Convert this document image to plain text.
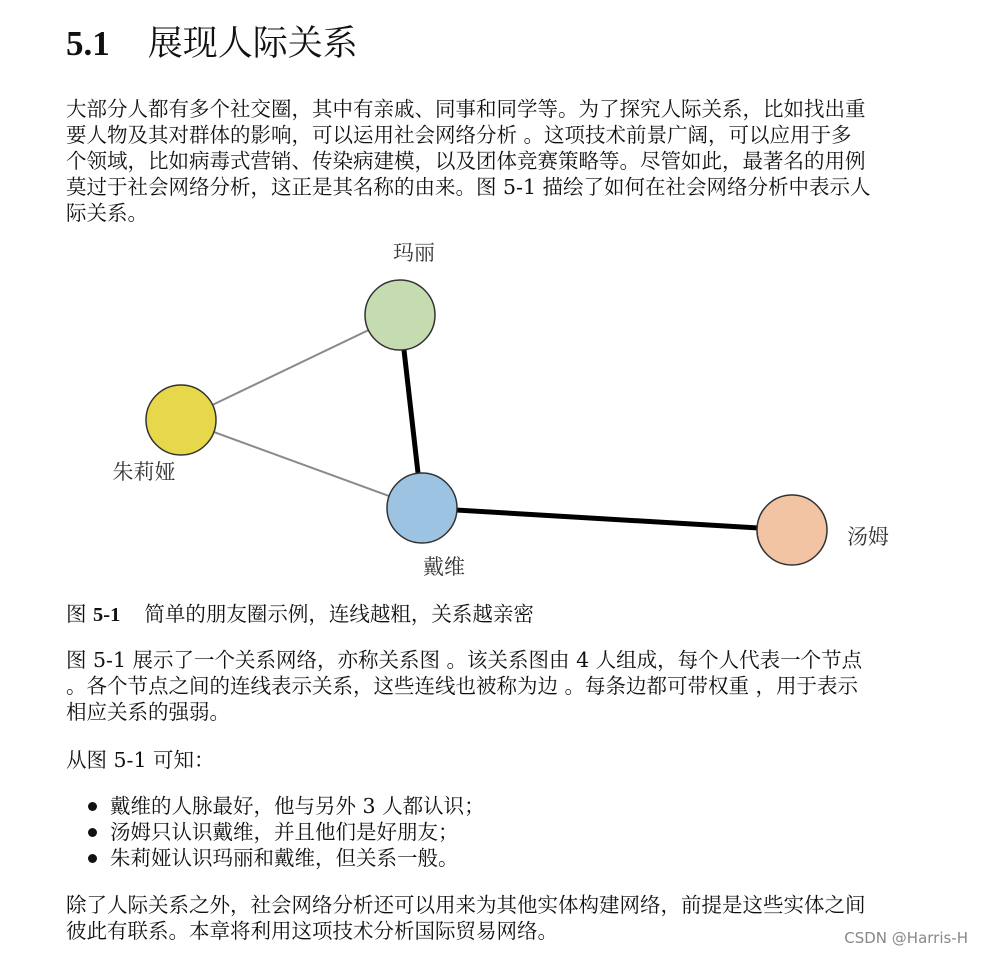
5.1 展现人际关系
大部分人都有多个社交圈，其中有亲戚、同事和同学等。为了探究人际关系，比如找出重
要人物及其对群体的影响，可以运用社会网络分析 。这项技术前景广阔，可以应用于多
个领域，比如病毒式营销、传染病建模，以及团体竞赛策略等。尽管如此，最著名的用例
莫过于社会网络分析，这正是其名称的由来。图 5-1 描绘了如何在社会网络分析中表示人
际关系。
玛丽
朱莉娅
戴维
汤姆
图 5-1 简单的朋友圈示例，连线越粗，关系越亲密
图 5-1 展示了一个关系网络，亦称关系图 。该关系图由 4 人组成，每个人代表一个节点
。各个节点之间的连线表示关系，这些连线也被称为边 。每条边都可带权重 ，用于表示
相应关系的强弱。
从图 5-1 可知：
戴维的人脉最好，他与另外 3 人都认识；
汤姆只认识戴维，并且他们是好朋友；
朱莉娅认识玛丽和戴维，但关系一般。
除了人际关系之外，社会网络分析还可以用来为其他实体构建网络，前提是这些实体之间
彼此有联系。本章将利用这项技术分析国际贸易网络。	CSDN @Harris-H
